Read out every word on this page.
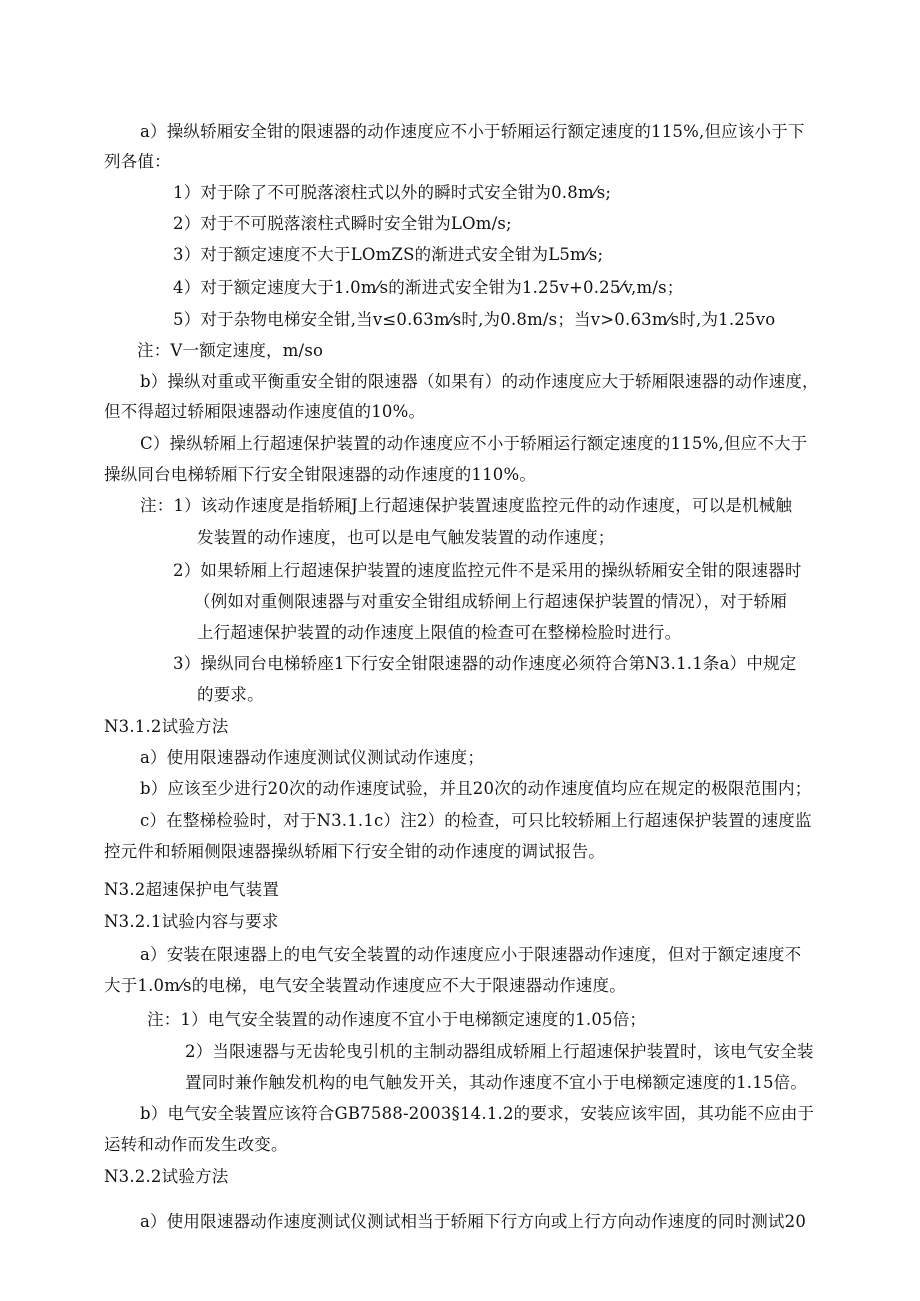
a）操纵轿厢安全钳的限速器的动作速度应不小于轿厢运行额定速度的115%,但应该小于下
列各值：
1）对于除了不可脱落滚柱式以外的瞬时式安全钳为0.8m⁄s;
2）对于不可脱落滚柱式瞬时安全钳为LOm/s;
3）对于额定速度不大于LOmZS的渐进式安全钳为L5m⁄s;
4）对于额定速度大于1.0m⁄s的渐进式安全钳为1.25v+0.25⁄v,m/s；
5）对于杂物电梯安全钳,当v≤0.63m⁄s时,为0.8m/s；当v>0.63m⁄s时,为1.25vo
注：V一额定速度，m/so
b）操纵对重或平衡重安全钳的限速器（如果有）的动作速度应大于轿厢限速器的动作速度，
但不得超过轿厢限速器动作速度值的10%。
C）操纵轿厢上行超速保护装置的动作速度应不小于轿厢运行额定速度的115%,但应不大于
操纵同台电梯轿厢下行安全钳限速器的动作速度的110%。
注：1）该动作速度是指轿厢J上行超速保护装置速度监控元件的动作速度，可以是机械触
发装置的动作速度，也可以是电气触发装置的动作速度；
2）如果轿厢上行超速保护装置的速度监控元件不是采用的操纵轿厢安全钳的限速器时
（例如对重侧限速器与对重安全钳组成轿闸上行超速保护装置的情况），对于轿厢
上行超速保护装置的动作速度上限值的检查可在整梯检脸时进行。
3）操纵同台电梯轿座1下行安全钳限速器的动作速度必须符合第N3.1.1条a）中规定
的要求。
N3.1.2试验方法
a）使用限速器动作速度测试仪测试动作速度；
b）应该至少进行20次的动作速度试验，并且20次的动作速度值均应在规定的极限范围内；
c）在整梯检验时，对于N3.1.1c）注2）的检查，可只比较轿厢上行超速保护装置的速度监
控元件和轿厢侧限速器操纵轿厢下行安全钳的动作速度的调试报告。
N3.2超速保护电气装置
N3.2.1试验内容与要求
a）安装在限速器上的电气安全装置的动作速度应小于限速器动作速度，但对于额定速度不
大于1.0m⁄s的电梯，电气安全装置动作速度应不大于限速器动作速度。
注：1）电气安全装置的动作速度不宜小于电梯额定速度的1.05倍；
2）当限速器与无齿轮曳引机的主制动器组成轿厢上行超速保护装置时，该电气安全装
置同时兼作触发机构的电气触发开关，其动作速度不宜小于电梯额定速度的1.15倍。
b）电气安全装置应该符合GB7588-2003§14.1.2的要求，安装应该牢固，其功能不应由于
运转和动作而发生改变。
N3.2.2试验方法
a）使用限速器动作速度测试仪测试相当于轿厢下行方向或上行方向动作速度的同时测试20
